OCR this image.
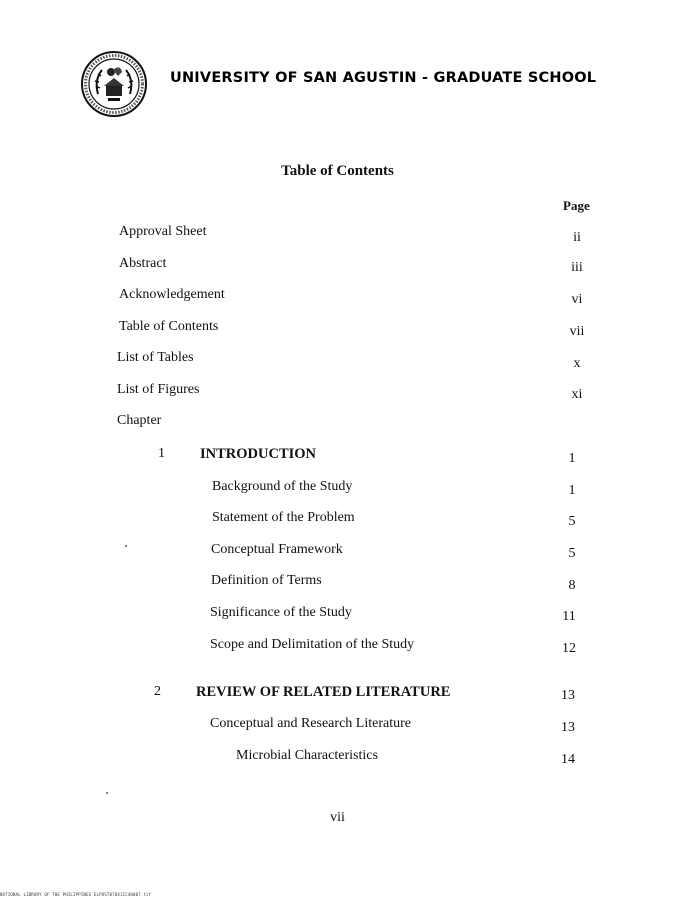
UNIVERSITY OF SAN AGUSTIN - GRADUATE SCHOOL
Table of Contents
Page
Approval Sheet	ii
Abstract	iii
Acknowledgement	vi
Table of Contents	vii
List of Tables	x
List of Figures	xi
Chapter
1 INTRODUCTION	1
Background of the Study	1
Statement of the Problem	5
Conceptual Framework	5
Definition of Terms	8
Significance of the Study	11
Scope and Delimitation of the Study	12
2 REVIEW OF RELATED LITERATURE	13
Conceptual and Research Literature	13
Microbial Characteristics	14
vii
NATIONAL LIBRARY OF THE PHILIPPINES ELPOST07841IC40007.tif
